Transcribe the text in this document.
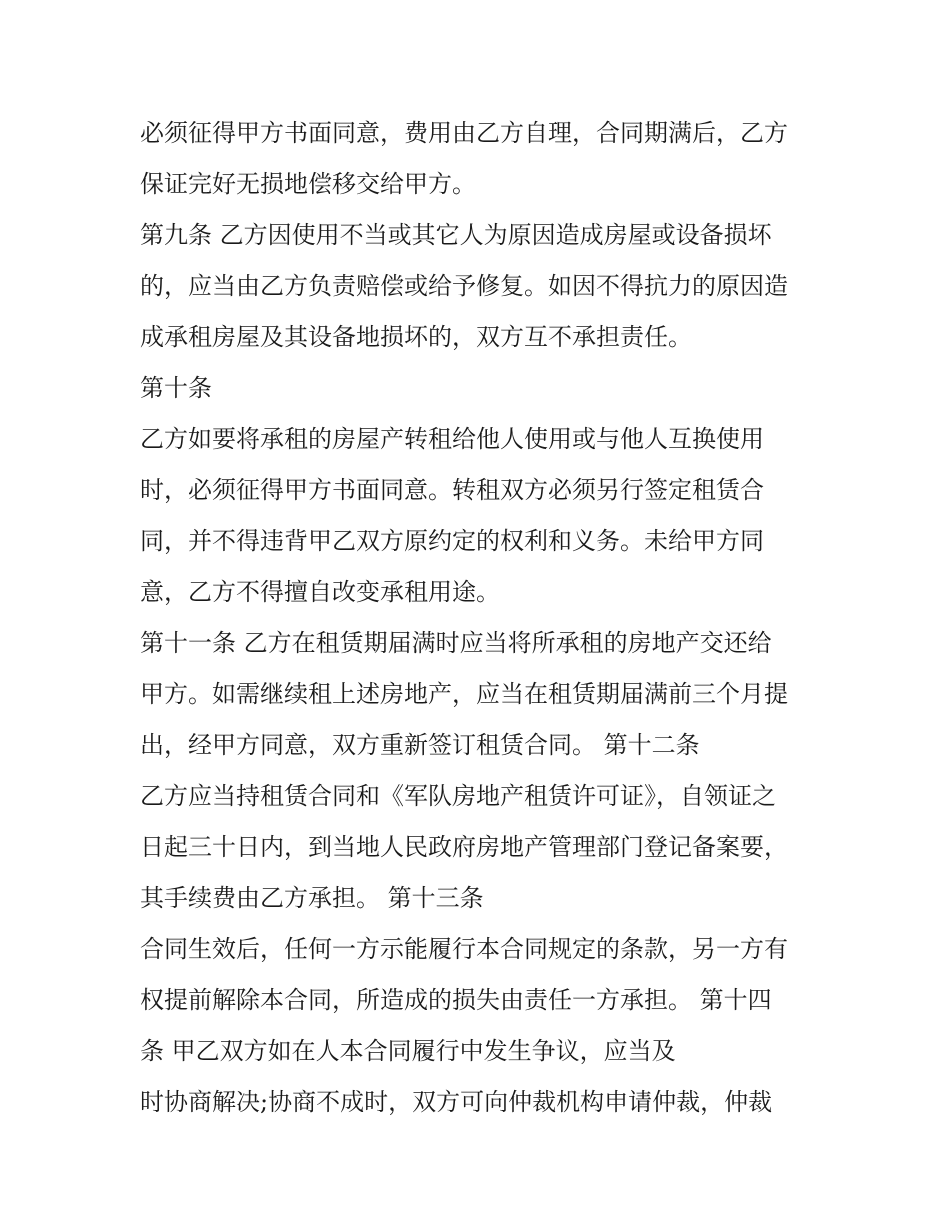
必须征得甲方书面同意，费用由乙方自理，合同期满后，乙方
保证完好无损地偿移交给甲方。
第九条 乙方因使用不当或其它人为原因造成房屋或设备损坏
的，应当由乙方负责赔偿或给予修复。如因不得抗力的原因造
成承租房屋及其设备地损坏的，双方互不承担责任。
第十条
乙方如要将承租的房屋产转租给他人使用或与他人互换使用
时，必须征得甲方书面同意。转租双方必须另行签定租赁合
同，并不得违背甲乙双方原约定的权利和义务。未给甲方同
意，乙方不得擅自改变承租用途。
第十一条 乙方在租赁期届满时应当将所承租的房地产交还给
甲方。如需继续租上述房地产，应当在租赁期届满前三个月提
出，经甲方同意，双方重新签订租赁合同。 第十二条
乙方应当持租赁合同和《军队房地产租赁许可证》，自领证之
日起三十日内，到当地人民政府房地产管理部门登记备案要，
其手续费由乙方承担。 第十三条
合同生效后，任何一方示能履行本合同规定的条款，另一方有
权提前解除本合同，所造成的损失由责任一方承担。 第十四
条 甲乙双方如在人本合同履行中发生争议，应当及
时协商解决;协商不成时，双方可向仲裁机构申请仲裁，仲裁
